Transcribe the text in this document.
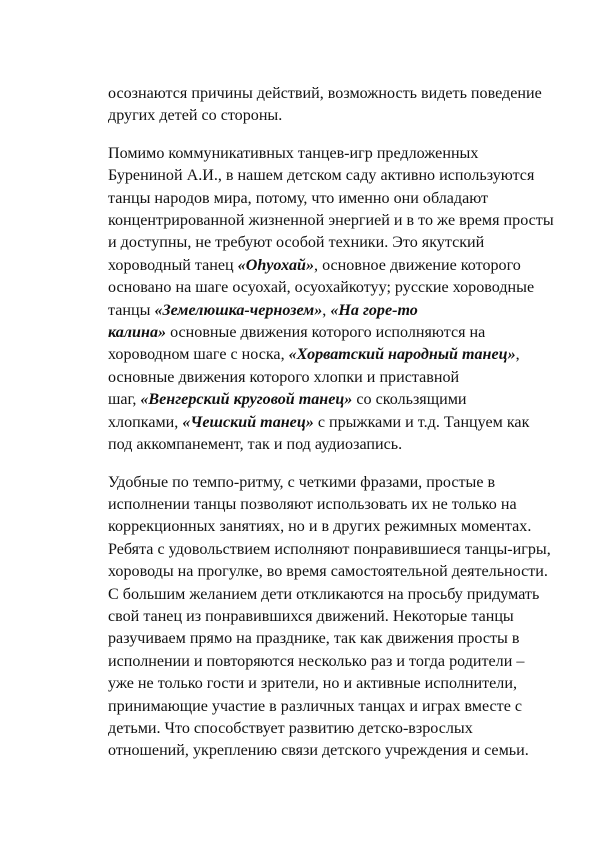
осознаются причины действий, возможность видеть поведение
других детей со стороны.
Помимо коммуникативных танцев-игр предложенных
Бурениной А.И., в нашем детском саду активно используются
танцы народов мира, потому, что именно они обладают
концентрированной жизненной энергией и в то же время просты
и доступны, не требуют особой техники. Это якутский
хороводный танец «Оһуохай», основное движение которого
основано на шаге осуохай, осуохайкотуу; русские хороводные
танцы «Земелюшка-чернозем», «На горе-то
калина» основные движения которого исполняются на
хороводном шаге с носка, «Хорватский народный танец»,
основные движения которого хлопки и приставной
шаг, «Венгерский круговой танец» со скользящими
хлопками, «Чешский танец» с прыжками и т.д. Танцуем как
под аккомпанемент, так и под аудиозапись.
Удобные по темпо-ритму, с четкими фразами, простые в
исполнении танцы позволяют использовать их не только на
коррекционных занятиях, но и в других режимных моментах.
Ребята с удовольствием исполняют понравившиеся танцы-игры,
хороводы на прогулке, во время самостоятельной деятельности.
С большим желанием дети откликаются на просьбу придумать
свой танец из понравившихся движений. Некоторые танцы
разучиваем прямо на празднике, так как движения просты в
исполнении и повторяются несколько раз и тогда родители –
уже не только гости и зрители, но и активные исполнители,
принимающие участие в различных танцах и играх вместе с
детьми. Что способствует развитию детско-взрослых
отношений, укреплению связи детского учреждения и семьи.
